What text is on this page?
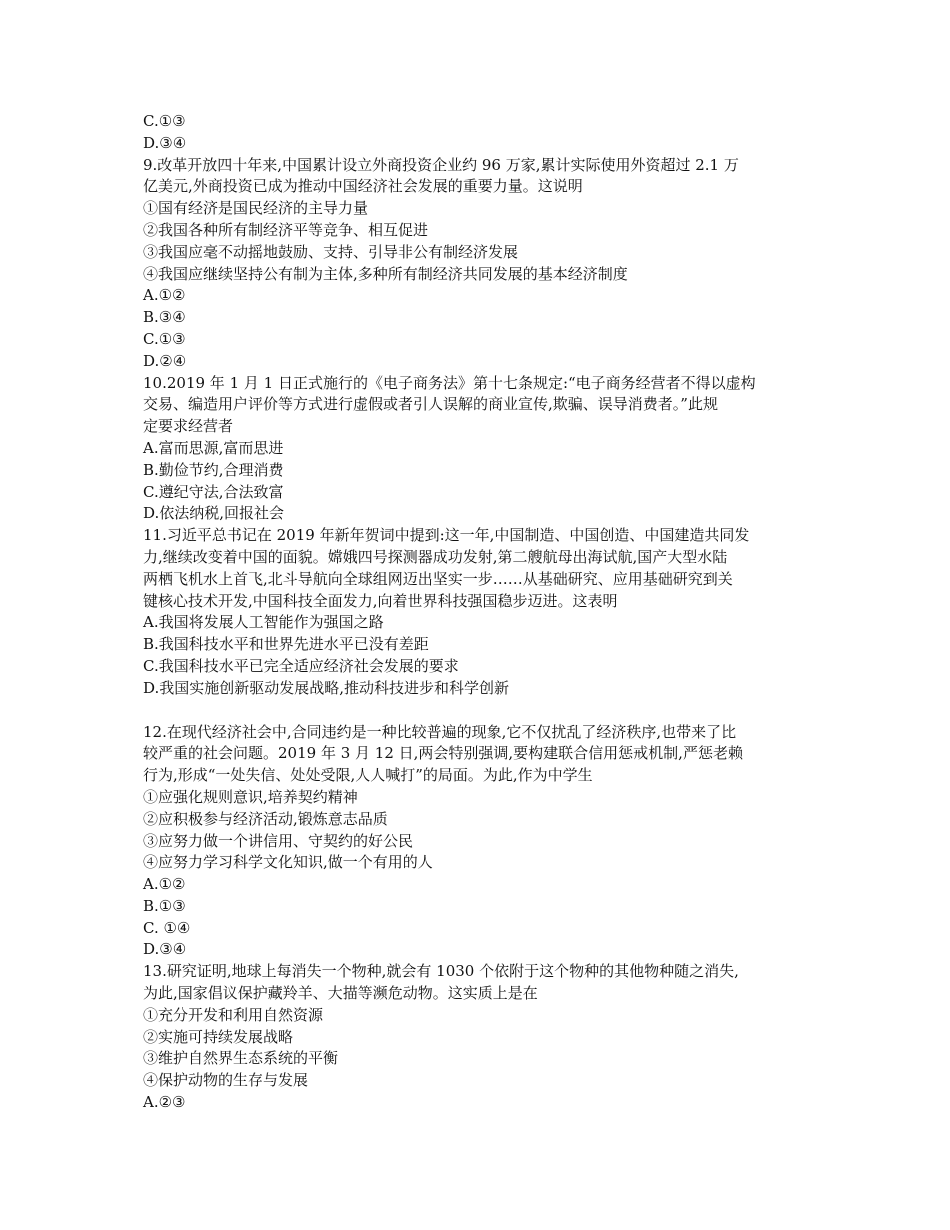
C.①③
D.③④
9.改革开放四十年来,中国累计设立外商投资企业约 96 万家,累计实际使用外资超过 2.1 万
亿美元,外商投资已成为推动中国经济社会发展的重要力量。这说明
①国有经济是国民经济的主导力量
②我国各种所有制经济平等竞争、相互促进
③我国应毫不动摇地鼓励、支持、引导非公有制经济发展
④我国应继续坚持公有制为主体,多种所有制经济共同发展的基本经济制度
A.①②
B.③④
C.①③
D.②④
10.2019 年 1 月 1 日正式施行的《电子商务法》第十七条规定:“电子商务经营者不得以虚构
交易、编造用户评价等方式进行虚假或者引人误解的商业宣传,欺骗、误导消费者。”此规
定要求经营者
A.富而思源,富而思进
B.勤俭节约,合理消费
C.遵纪守法,合法致富
D.依法纳税,回报社会
11.习近平总书记在 2019 年新年贺词中提到:这一年,中国制造、中国创造、中国建造共同发
力,继续改变着中国的面貌。嫦娥四号探测器成功发射,第二艘航母出海试航,国产大型水陆
两栖飞机水上首飞,北斗导航向全球组网迈出坚实一步……从基础研究、应用基础研究到关
键核心技术开发,中国科技全面发力,向着世界科技强国稳步迈进。这表明
A.我国将发展人工智能作为强国之路
B.我国科技水平和世界先进水平已没有差距
C.我国科技水平已完全适应经济社会发展的要求
D.我国实施创新驱动发展战略,推动科技进步和科学创新
12.在现代经济社会中,合同违约是一种比较普遍的现象,它不仅扰乱了经济秩序,也带来了比
较严重的社会问题。2019 年 3 月 12 日,两会特别强调,要构建联合信用惩戒机制,严惩老赖
行为,形成“一处失信、处处受限,人人喊打”的局面。为此,作为中学生
①应强化规则意识,培养契约精神
②应积极参与经济活动,锻炼意志品质
③应努力做一个讲信用、守契约的好公民
④应努力学习科学文化知识,做一个有用的人
A.①②
B.①③
C. ①④
D.③④
13.研究证明,地球上每消失一个物种,就会有 1030 个依附于这个物种的其他物种随之消失,
为此,国家倡议保护藏羚羊、大描等濒危动物。这实质上是在
①充分开发和利用自然资源
②实施可持续发展战略
③维护自然界生态系统的平衡
④保护动物的生存与发展
A.②③
